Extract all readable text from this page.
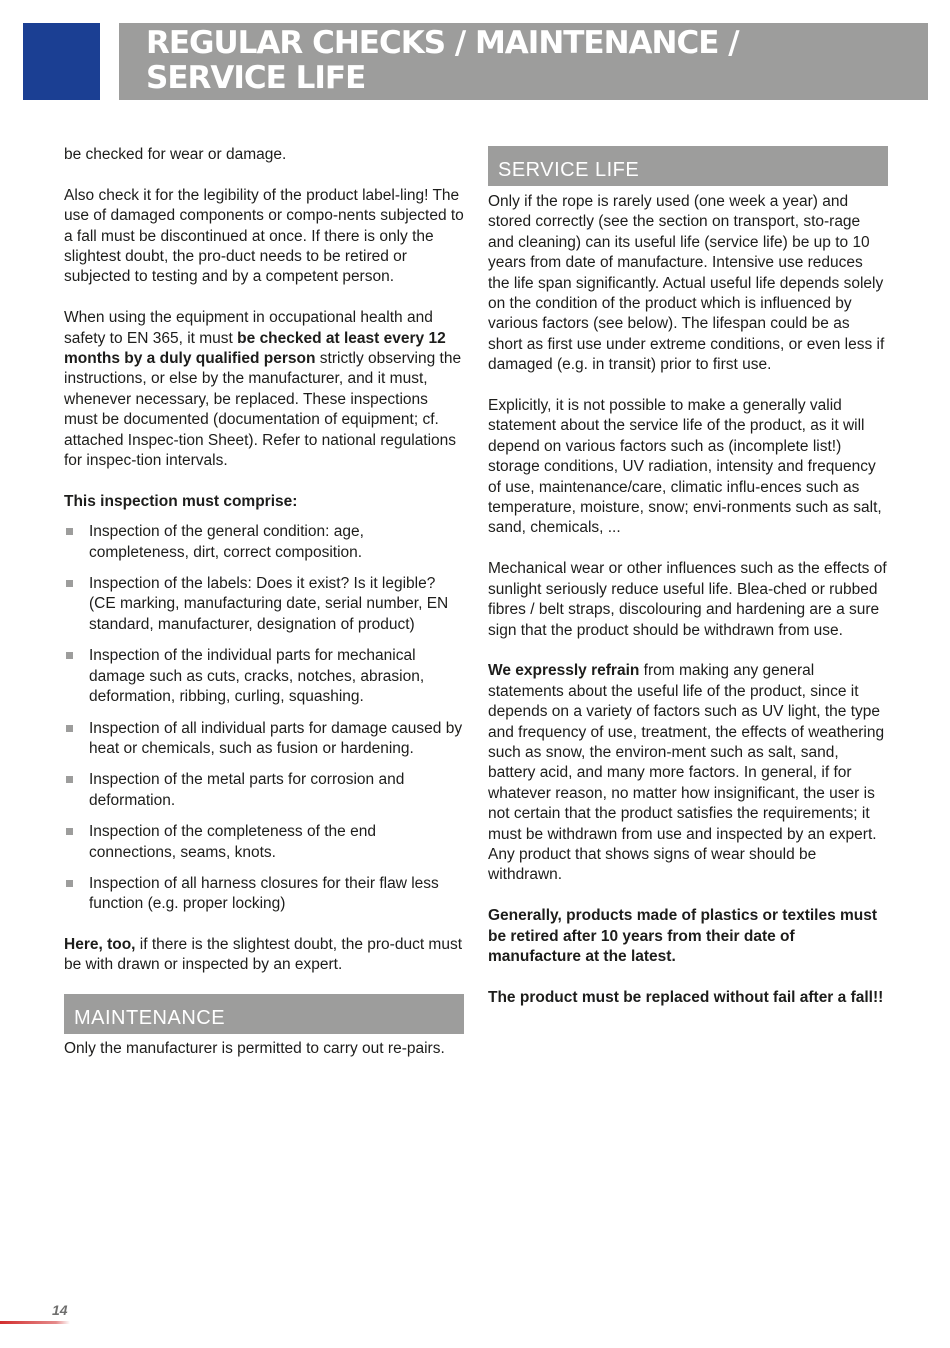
REGULAR CHECKS / MAINTENANCE /
SERVICE LIFE

be checked for wear or damage.

Also check it for the legibility of the product label-ling! The use of damaged components or compo-nents subjected to a fall must be discontinued at once. If there is only the slightest doubt, the pro-duct needs to be retired or subjected to testing and by a competent person.

When using the equipment in occupational health and safety to EN 365, it must be checked at least every 12 months by a duly qualified person strictly observing the instructions, or else by the manufacturer, and it must, whenever necessary, be replaced. These inspections must be documented (documentation of equipment; cf. attached Inspec-tion Sheet). Refer to national regulations for inspec-tion intervals.

This inspection must comprise:

Inspection of the general condition: age, completeness, dirt, correct composition.
Inspection of the labels: Does it exist? Is it legible? (CE marking, manufacturing date, serial number, EN standard, manufacturer, designation of product)
Inspection of the individual parts for mechanical damage such as cuts, cracks, notches, abrasion, deformation, ribbing, curling, squashing.
Inspection of all individual parts for damage caused by heat or chemicals, such as fusion or hardening.
Inspection of the metal parts for corrosion and deformation.
Inspection of the completeness of the end connections, seams, knots.
Inspection of all harness closures for their flaw less function (e.g. proper locking)

Here, too, if there is the slightest doubt, the pro-duct must be with drawn or inspected by an expert.

MAINTENANCE

Only the manufacturer is permitted to carry out re-pairs.

SERVICE LIFE

Only if the rope is rarely used (one week a year) and stored correctly (see the section on transport, sto-rage and cleaning) can its useful life (service life) be up to 10 years from date of manufacture. Intensive use reduces the life span significantly. Actual useful life depends solely on the condition of the product which is influenced by various factors (see below). The lifespan could be as short as first use under extreme conditions, or even less if damaged (e.g. in transit) prior to first use.

Explicitly, it is not possible to make a generally valid statement about the service life of the product, as it will depend on various factors such as (incomplete list!) storage conditions, UV radiation, intensity and frequency of use, maintenance/care, climatic influ-ences such as temperature, moisture, snow; envi-ronments such as salt, sand, chemicals, ...

Mechanical wear or other influences such as the effects of sunlight seriously reduce useful life. Blea-ched or rubbed fibres / belt straps, discolouring and hardening are a sure sign that the product should be withdrawn from use.

We expressly refrain from making any general statements about the useful life of the product, since it depends on a variety of factors such as UV light, the type and frequency of use, treatment, the effects of weathering such as snow, the environ-ment such as salt, sand, battery acid, and many more factors. In general, if for whatever reason, no matter how insignificant, the user is not certain that the product satisfies the requirements; it must be withdrawn from use and inspected by an expert. Any product that shows signs of wear should be withdrawn.

Generally, products made of plastics or textiles must be retired after 10 years from their date of manufacture at the latest.

The product must be replaced without fail after a fall!!

14
